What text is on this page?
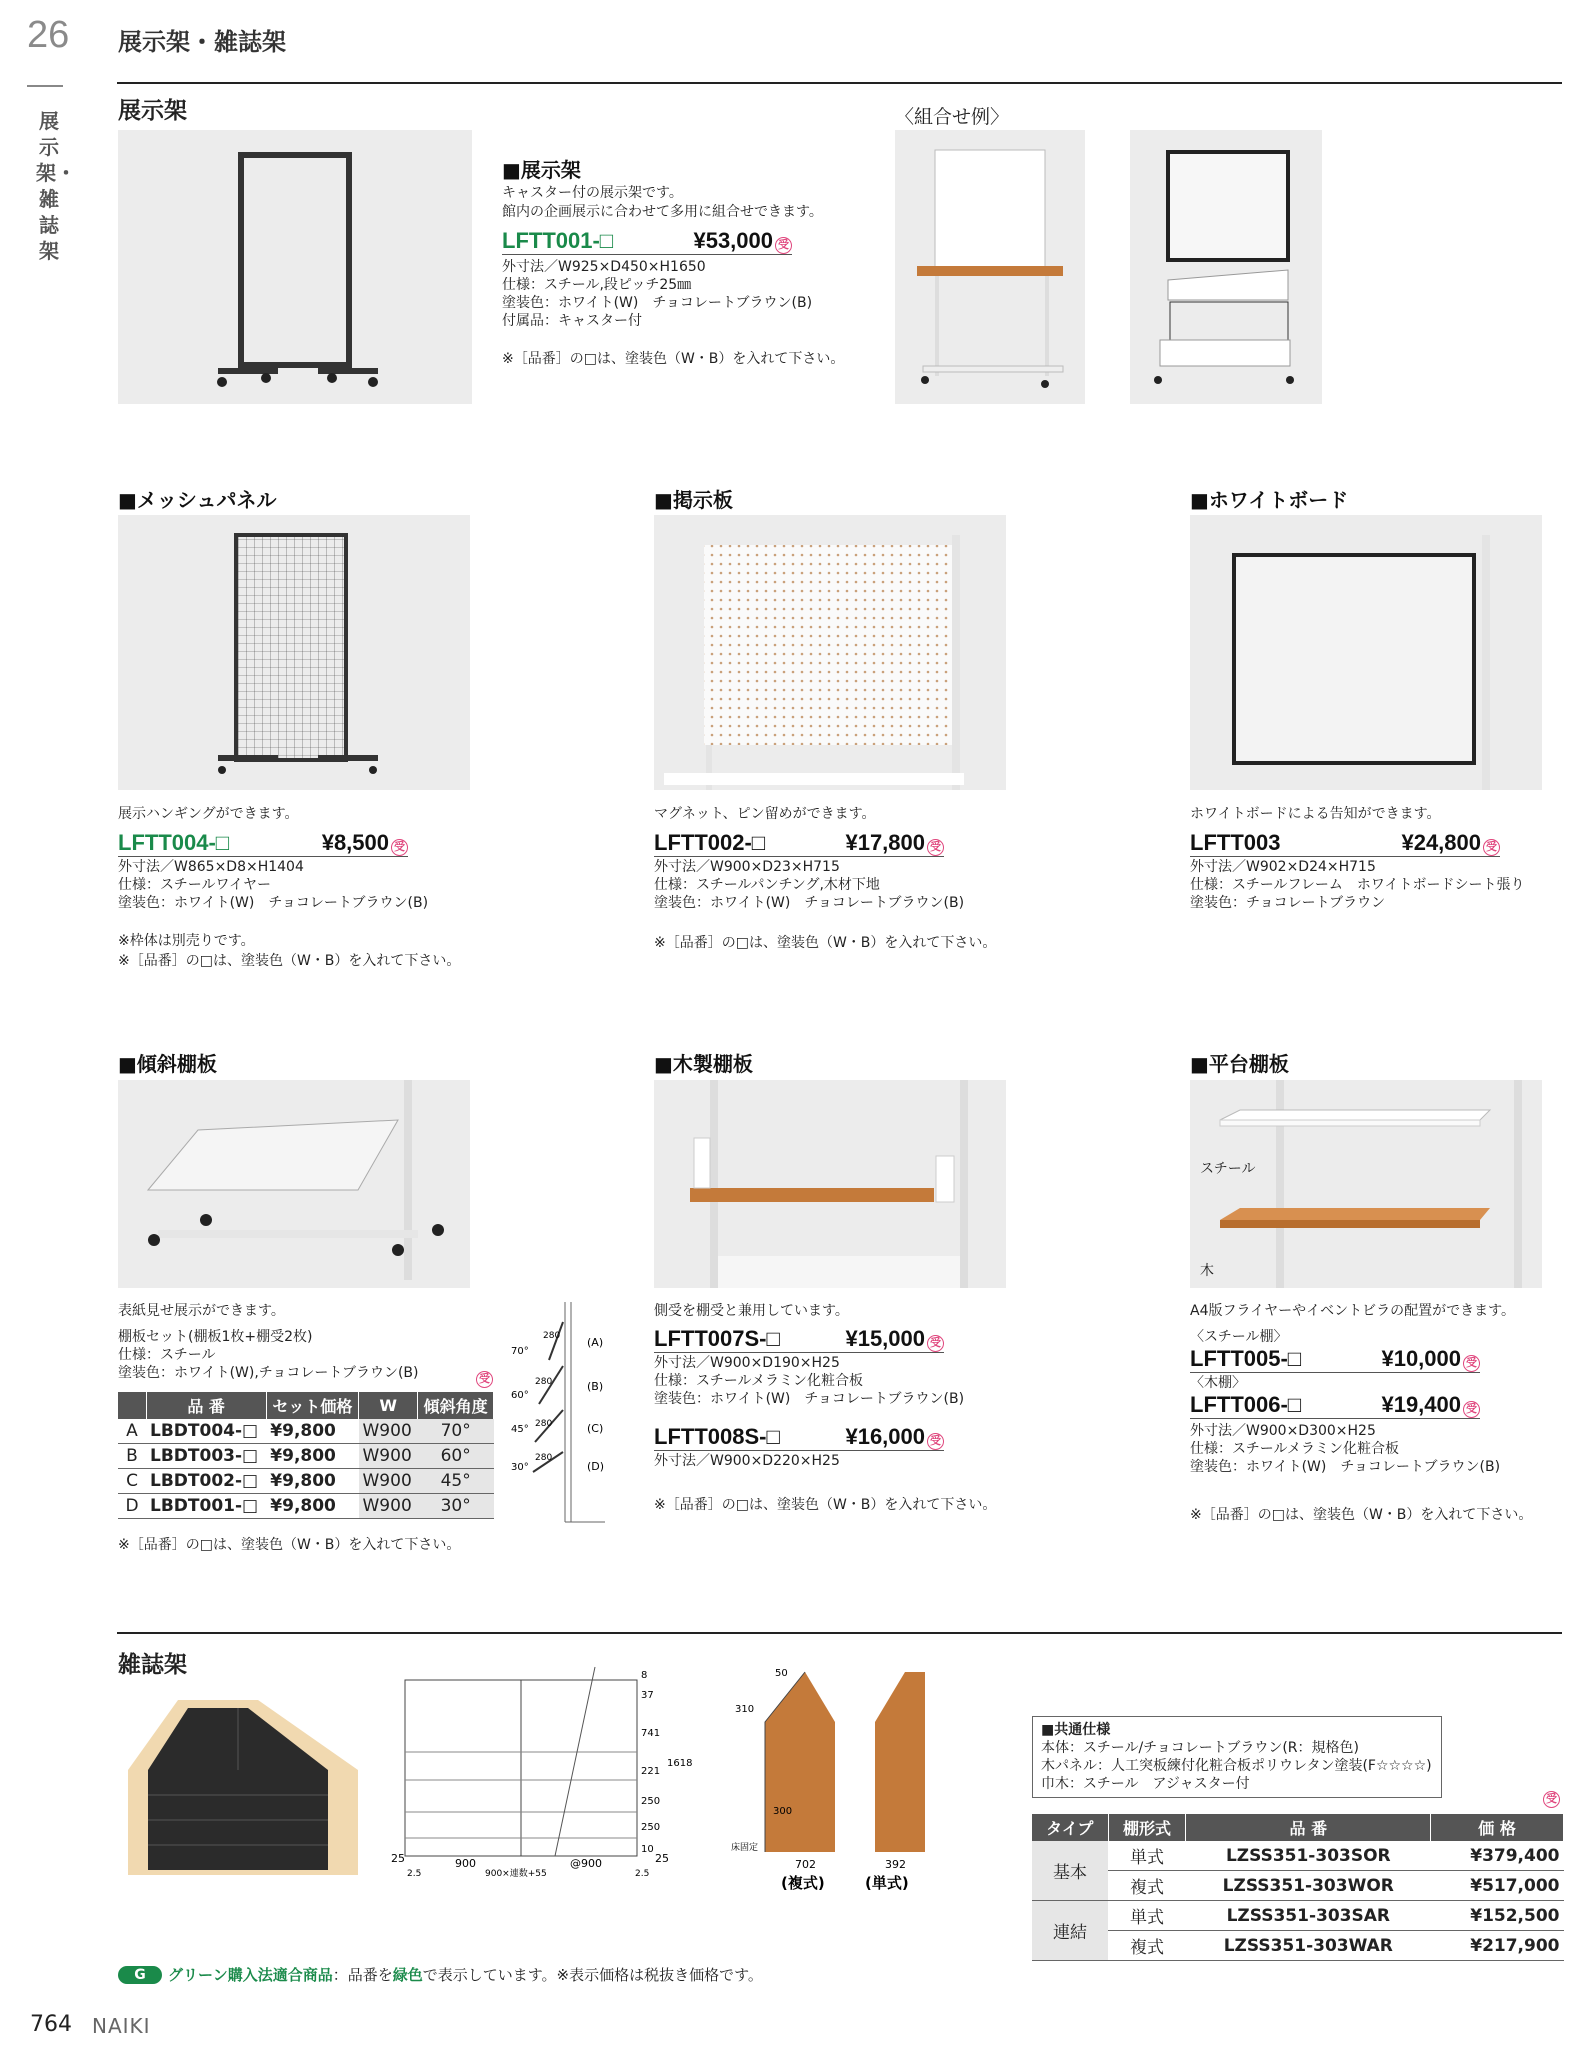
26
展示架・雑誌架
展示架・雑誌架
展示架
■展示架
キャスター付の展示架です。
館内の企画展示に合わせて多用に組合せできます。
LFTT001-□	¥53,000 受
外寸法／W925×D450×H1650
仕様：スチール,段ピッチ25㎜
塗装色：ホワイト(W)　チョコレートブラウン(B)
付属品：キャスター付
※［品番］の□は、塗装色（W・B）を入れて下さい。
〈組合せ例〉
■メッシュパネル
展示ハンギングができます。
LFTT004-□	¥8,500 受
外寸法／W865×D8×H1404
仕様：スチールワイヤー
塗装色：ホワイト(W)　チョコレートブラウン(B)
※枠体は別売りです。
※［品番］の□は、塗装色（W・B）を入れて下さい。
■掲示板
マグネット、ピン留めができます。
LFTT002-□	¥17,800 受
外寸法／W900×D23×H715
仕様：スチールパンチング,木材下地
塗装色：ホワイト(W)　チョコレートブラウン(B)
※［品番］の□は、塗装色（W・B）を入れて下さい。
■ホワイトボード
ホワイトボードによる告知ができます。
LFTT003	¥24,800 受
外寸法／W902×D24×H715
仕様：スチールフレーム　ホワイトボードシート張り
塗装色：チョコレートブラウン
■傾斜棚板
表紙見せ展示ができます。
棚板セット(棚板1枚+棚受2枚)
仕様：スチール
塗装色：ホワイト(W),チョコレートブラウン(B)	受
	品 番	セット価格	W	傾斜角度
A	LBDT004-□	¥9,800	W900	70°
B	LBDT003-□	¥9,800	W900	60°
C	LBDT002-□	¥9,800	W900	45°
D	LBDT001-□	¥9,800	W900	30°
※［品番］の□は、塗装色（W・B）を入れて下さい。
70°
60°
45°
30°
280
280
280
280
(A)
(B)
(C)
(D)
■木製棚板
側受を棚受と兼用しています。
LFTT007S-□	¥15,000 受
外寸法／W900×D190×H25
仕様：スチールメラミン化粧合板
塗装色：ホワイト(W)　チョコレートブラウン(B)
LFTT008S-□	¥16,000 受
外寸法／W900×D220×H25
※［品番］の□は、塗装色（W・B）を入れて下さい。
■平台棚板
スチール
木
A4版フライヤーやイベントビラの配置ができます。
〈スチール棚〉
LFTT005-□	¥10,000 受
〈木棚〉
LFTT006-□	¥19,400 受
外寸法／W900×D300×H25
仕様：スチールメラミン化粧合板
塗装色：ホワイト(W)　チョコレートブラウン(B)
※［品番］の□は、塗装色（W・B）を入れて下さい。
雑誌架
25	25
900	@900
2.5	900×連数+55	2.5
8
37
741
221
250
250
10
1618
50
310
300
床固定
702	392
(複式)	(単式)
■共通仕様
本体：スチール/チョコレートブラウン(R：規格色)
木パネル：人工突板練付化粧合板ポリウレタン塗装(F☆☆☆☆)
巾木：スチール　アジャスター付
受
タイプ	棚形式	品 番	価 格
基本	単式	LZSS351-303SOR	¥379,400
	複式	LZSS351-303WOR	¥517,000
連結	単式	LZSS351-303SAR	¥152,500
	複式	LZSS351-303WAR	¥217,900
G	グリーン購入法適合商品 ：品番を 緑色 で表示しています。※表示価格は税抜き価格です。
764 NAIKI
